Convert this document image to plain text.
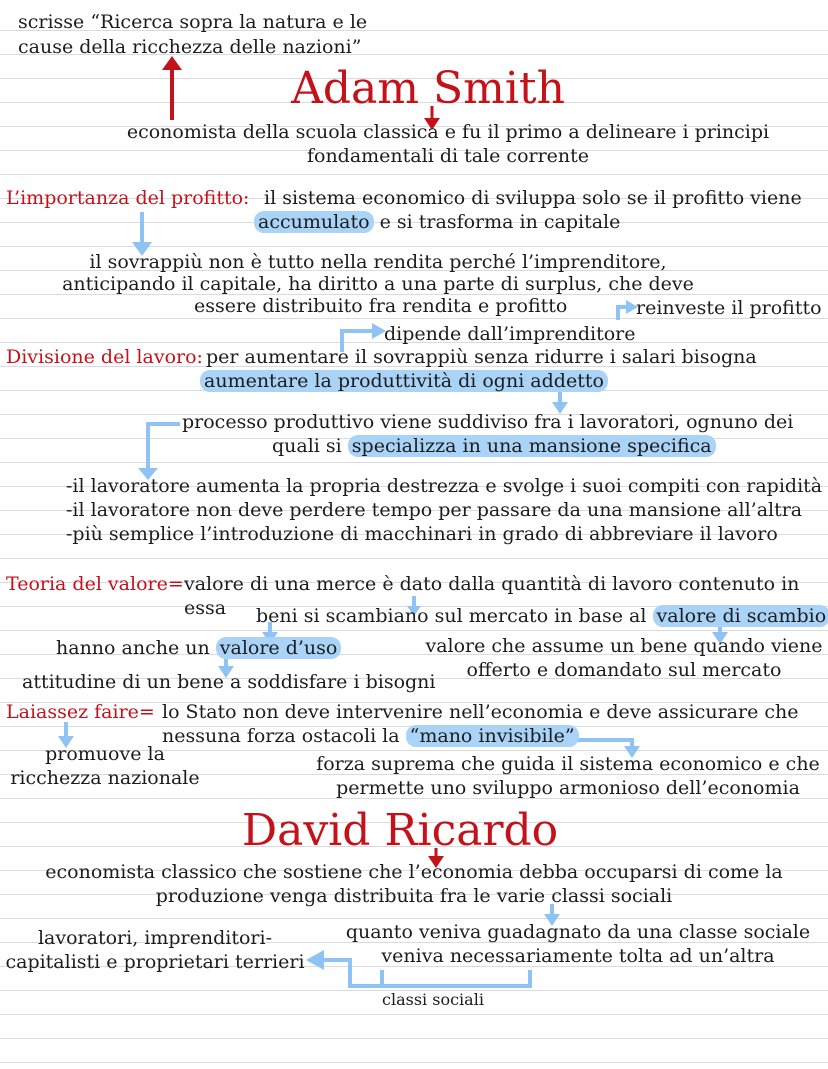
scrisse “Ricerca sopra la natura e le
cause della ricchezza delle nazioni”
Adam Smith
economista della scuola classica e fu il primo a delineare i principi
fondamentali di tale corrente
L’importanza del profitto: il sistema economico di sviluppa solo se il profitto viene
accumulato e si trasforma in capitale
il sovrappiù non è tutto nella rendita perché l’imprenditore,
anticipando il capitale, ha diritto a una parte di surplus, che deve
essere distribuito fra rendita e profitto	reinveste il profitto
dipende dall’imprenditore
Divisione del lavoro: per aumentare il sovrappiù senza ridurre i salari bisogna
aumentare la produttività di ogni addetto
processo produttivo viene suddiviso fra i lavoratori, ognuno dei
quali si specializza in una mansione specifica
-il lavoratore aumenta la propria destrezza e svolge i suoi compiti con rapidità
-il lavoratore non deve perdere tempo per passare da una mansione all’altra
-più semplice l’introduzione di macchinari in grado di abbreviare il lavoro
Teoria del valore= valore di una merce è dato dalla quantità di lavoro contenuto in
essa beni si scambiano sul mercato in base al valore di scambio
hanno anche un valore d’uso	valore che assume un bene quando viene
offerto e domandato sul mercato
attitudine di un bene a soddisfare i bisogni
Laiassez faire= lo Stato non deve intervenire nell’economia e deve assicurare che
nessuna forza ostacoli la “mano invisibile”
promuove la
ricchezza nazionale
forza suprema che guida il sistema economico e che
permette uno sviluppo armonioso dell’economia
David Ricardo
economista classico che sostiene che l’economia debba occuparsi di come la
produzione venga distribuita fra le varie classi sociali
quanto veniva guadagnato da una classe sociale
veniva necessariamente tolta ad un’altra
lavoratori, imprenditori-
capitalisti e proprietari terrieri
classi sociali
